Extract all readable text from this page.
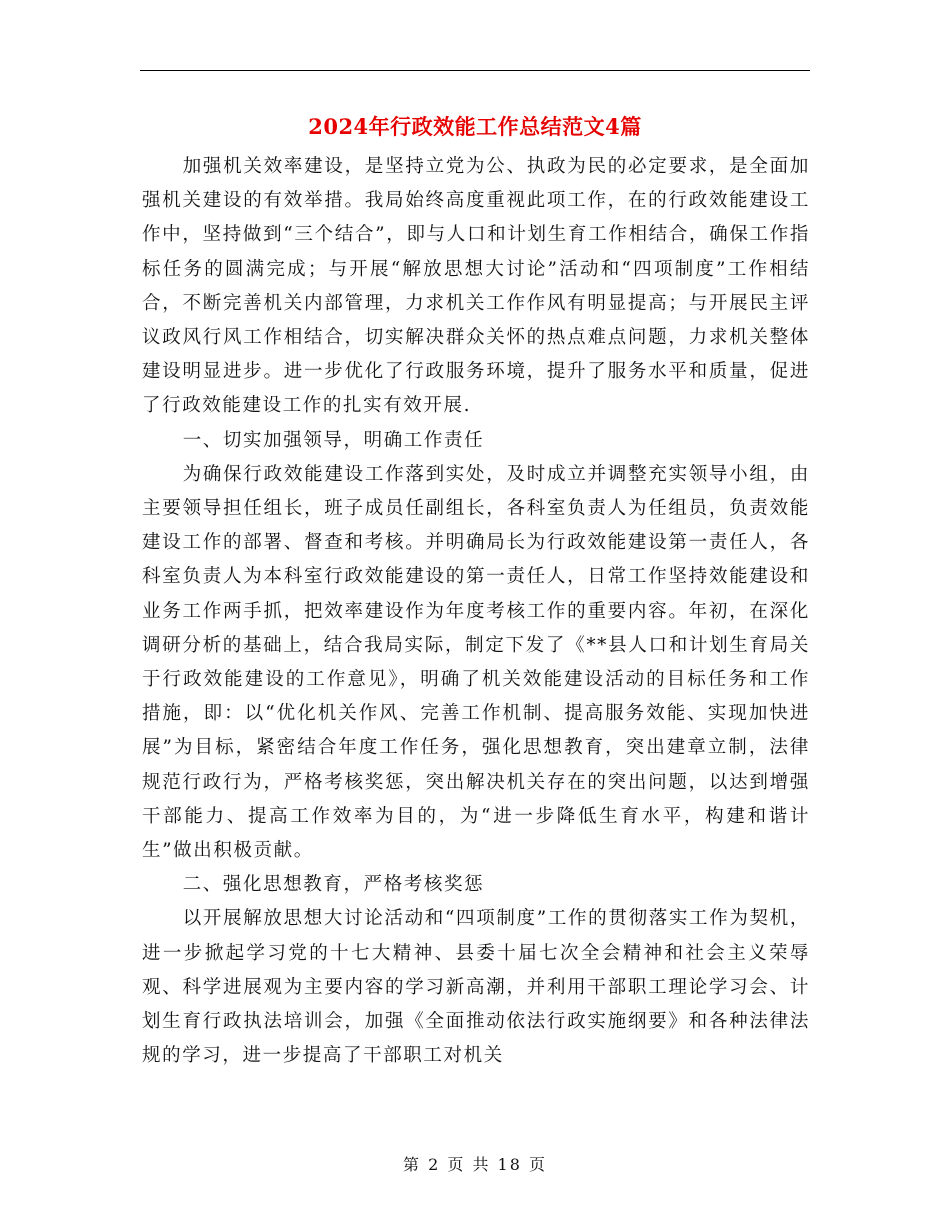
2024年行政效能工作总结范文4篇

加强机关效率建设，是坚持立党为公、执政为民的必定要求，是全面加强机关建设的有效举措。我局始终高度重视此项工作，在的行政效能建设工作中，坚持做到“三个结合”，即与人口和计划生育工作相结合，确保工作指标任务的圆满完成；与开展“解放思想大讨论”活动和“四项制度”工作相结合，不断完善机关内部管理，力求机关工作作风有明显提高；与开展民主评议政风行风工作相结合，切实解决群众关怀的热点难点问题，力求机关整体建设明显进步。进一步优化了行政服务环境，提升了服务水平和质量，促进了行政效能建设工作的扎实有效开展.

一、切实加强领导，明确工作责任

为确保行政效能建设工作落到实处，及时成立并调整充实领导小组，由主要领导担任组长，班子成员任副组长，各科室负责人为任组员，负责效能建设工作的部署、督查和考核。并明确局长为行政效能建设第一责任人，各科室负责人为本科室行政效能建设的第一责任人，日常工作坚持效能建设和业务工作两手抓，把效率建设作为年度考核工作的重要内容。年初，在深化调研分析的基础上，结合我局实际，制定下发了《**县人口和计划生育局关于行政效能建设的工作意见》，明确了机关效能建设活动的目标任务和工作措施，即：以“优化机关作风、完善工作机制、提高服务效能、实现加快进展”为目标，紧密结合年度工作任务，强化思想教育，突出建章立制，法律规范行政行为，严格考核奖惩，突出解决机关存在的突出问题，以达到增强干部能力、提高工作效率为目的，为“进一步降低生育水平，构建和谐计生”做出积极贡献。

二、强化思想教育，严格考核奖惩

以开展解放思想大讨论活动和“四项制度”工作的贯彻落实工作为契机，进一步掀起学习党的十七大精神、县委十届七次全会精神和社会主义荣辱观、科学进展观为主要内容的学习新高潮，并利用干部职工理论学习会、计划生育行政执法培训会，加强《全面推动依法行政实施纲要》和各种法律法规的学习，进一步提高了干部职工对机关

第 2 页 共 18 页
